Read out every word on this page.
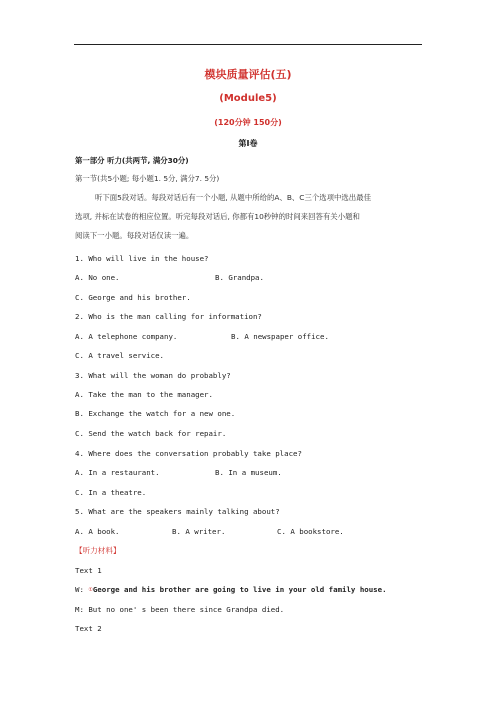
模块质量评估(五)
(Module5)
(120分钟 150分)
第Ⅰ卷
第一部分 听力(共两节, 满分30分)
第一节(共5小题; 每小题1. 5分, 满分7. 5分)
听下面5段对话。每段对话后有一个小题, 从题中所给的A、B、C三个选项中选出最佳
选项, 并标在试卷的相应位置。听完每段对话后, 你都有10秒钟的时间来回答有关小题和
阅读下一小题。每段对话仅读一遍。
1. Who will live in the house?
A. No one.	B. Grandpa.
C. George and his brother.
2. Who is the man calling for information?
A. A telephone company.	B. A newspaper office.
C. A travel service.
3. What will the woman do probably?
A. Take the man to the manager.
B. Exchange the watch for a new one.
C. Send the watch back for repair.
4. Where does the conversation probably take place?
A. In a restaurant.	B. In a museum.
C. In a theatre.
5. What are the speakers mainly talking about?
A. A book.	B. A writer.	C. A bookstore.
【听力材料】
Text 1
W: ①George and his brother are going to live in your old family house.
M: But no one' s been there since Grandpa died.
Text 2
